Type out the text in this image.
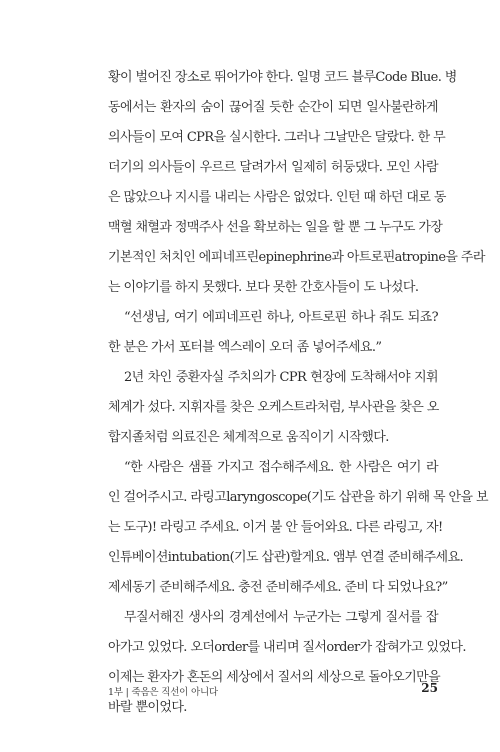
황이 벌어진 장소로 뛰어가야 한다. 일명 코드 블루Code Blue. 병
동에서는 환자의 숨이 끊어질 듯한 순간이 되면 일사불란하게
의사들이 모여 CPR을 실시한다. 그러나 그날만은 달랐다. 한 무
더기의 의사들이 우르르 달려가서 일제히 허둥댔다. 모인 사람
은 많았으나 지시를 내리는 사람은 없었다. 인턴 때 하던 대로 동
맥혈 채혈과 정맥주사 선을 확보하는 일을 할 뿐 그 누구도 가장
기본적인 처치인 에피네프린epinephrine과 아트로핀atropine을 주라
는 이야기를 하지 못했다. 보다 못한 간호사들이 도 나섰다.
“선생님, 여기 에피네프린 하나, 아트로핀 하나 줘도 되죠?
한 분은 가서 포터블 엑스레이 오더 좀 넣어주세요.”
2년 차인 중환자실 주치의가 CPR 현장에 도착해서야 지휘
체계가 섰다. 지휘자를 찾은 오케스트라처럼, 부사관을 찾은 오
합지졸처럼 의료진은 체계적으로 움직이기 시작했다.
“한 사람은 샘플 가지고 접수해주세요. 한 사람은 여기 라
인 걸어주시고. 라링고laryngoscope(기도 삽관을 하기 위해 목 안을 보
는 도구)! 라링고 주세요. 이거 불 안 들어와요. 다른 라링고, 자!
인튜베이션intubation(기도 삽관)할게요. 앰부 연결 준비해주세요.
제세동기 준비해주세요. 충전 준비해주세요. 준비 다 되었나요?”
무질서해진 생사의 경계선에서 누군가는 그렇게 질서를 잡
아가고 있었다. 오더order를 내리며 질서order가 잡혀가고 있었다.
이제는 환자가 혼돈의 세상에서 질서의 세상으로 돌아오기만을
바랄 뿐이었다.
1부 | 죽음은 직선이 아니다	25
